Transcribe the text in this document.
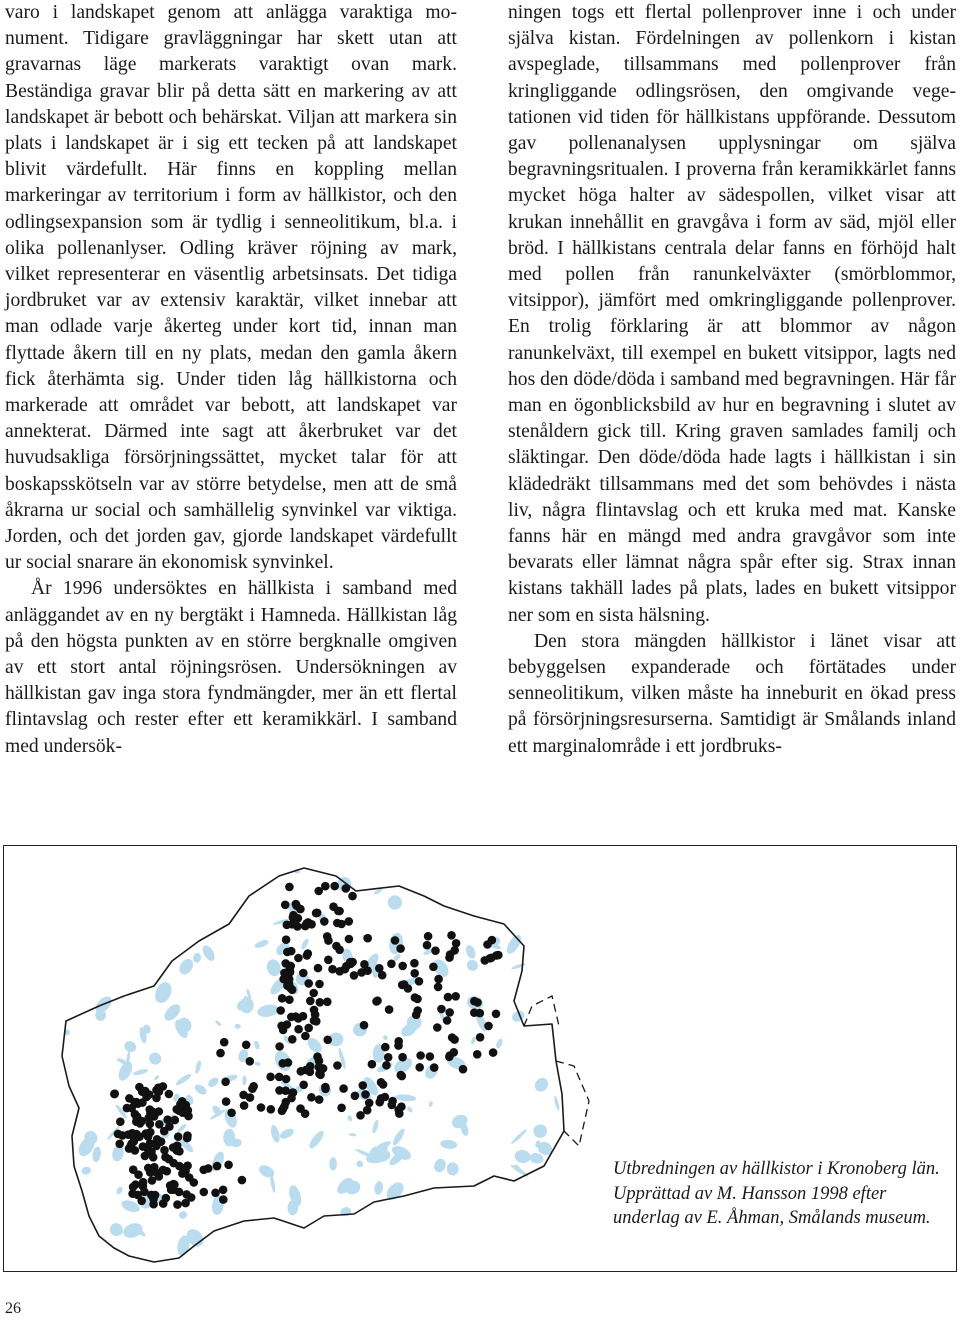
varo i landskapet genom att anlägga varaktiga monument. Tidigare gravläggningar har skett utan att gravarnas läge markerats varaktigt ovan mark. Beständiga gravar blir på detta sätt en markering av att landskapet är bebott och behärskat. Viljan att markera sin plats i landskapet är i sig ett tecken på att landskapet blivit värdefullt. Här finns en koppling mellan markeringar av territorium i form av hällkistor, och den odlingsexpansion som är tydlig i senneolitikum, bl.a. i olika pollenanlyser. Odling kräver röjning av mark, vilket representerar en väsentlig arbetsinsats. Det tidiga jordbruket var av extensiv karaktär, vilket innebar att man odlade varje åkerteg under kort tid, innan man flyttade åkern till en ny plats, medan den gamla åkern fick återhämta sig. Under tiden låg hällkistorna och markerade att området var bebott, att landskapet var annekterat. Därmed inte sagt att åkerbruket var det huvudsakliga försörjningssättet, mycket talar för att boskapsskötseln var av större betydelse, men att de små åkrarna ur social och samhällelig synvinkel var viktiga. Jorden, och det jorden gav, gjorde landskapet värdefullt ur social snarare än ekonomisk synvinkel.

År 1996 undersöktes en hällkista i samband med anläggandet av en ny bergtäkt i Hamneda. Hällkistan låg på den högsta punkten av en större bergknalle omgiven av ett stort antal röjningsrösen. Undersökningen av hällkistan gav inga stora fyndmängder, mer än ett flertal flintavslag och rester efter ett keramikkärl. I samband med undersök-

ningen togs ett flertal pollenprover inne i och under själva kistan. Fördelningen av pollenkorn i kistan avspeglade, tillsammans med pollenprover från kringliggande odlingsrösen, den omgivande vegetationen vid tiden för hällkistans uppförande. Dessutom gav pollenanalysen upplysningar om själva begravningsritualen. I proverna från keramikkärlet fanns mycket höga halter av sädespollen, vilket visar att krukan innehållit en gravgåva i form av säd, mjöl eller bröd. I hällkistans centrala delar fanns en förhöjd halt med pollen från ranunkelväxter (smörblommor, vitsippor), jämfört med omkringliggande pollenprover. En trolig förklaring är att blommor av någon ranunkelväxt, till exempel en bukett vitsippor, lagts ned hos den döde/döda i samband med begravningen. Här får man en ögonblicksbild av hur en begravning i slutet av stenåldern gick till. Kring graven samlades familj och släktingar. Den döde/döda hade lagts i hällkistan i sin klädedräkt tillsammans med det som behövdes i nästa liv, några flintavslag och ett kruka med mat. Kanske fanns här en mängd med andra gravgåvor som inte bevarats eller lämnat några spår efter sig. Strax innan kistans takhäll lades på plats, lades en bukett vitsippor ner som en sista hälsning.

Den stora mängden hällkistor i länet visar att bebyggelsen expanderade och förtätades under senneolitikum, vilken måste ha inneburit en ökad press på försörjningsresurserna. Samtidigt är Smålands inland ett marginalområde i ett jordbruks-

Utbredningen av hällkistor i Kronoberg län. Upprättad av M. Hansson 1998 efter underlag av E. Åhman, Smålands museum.
26
